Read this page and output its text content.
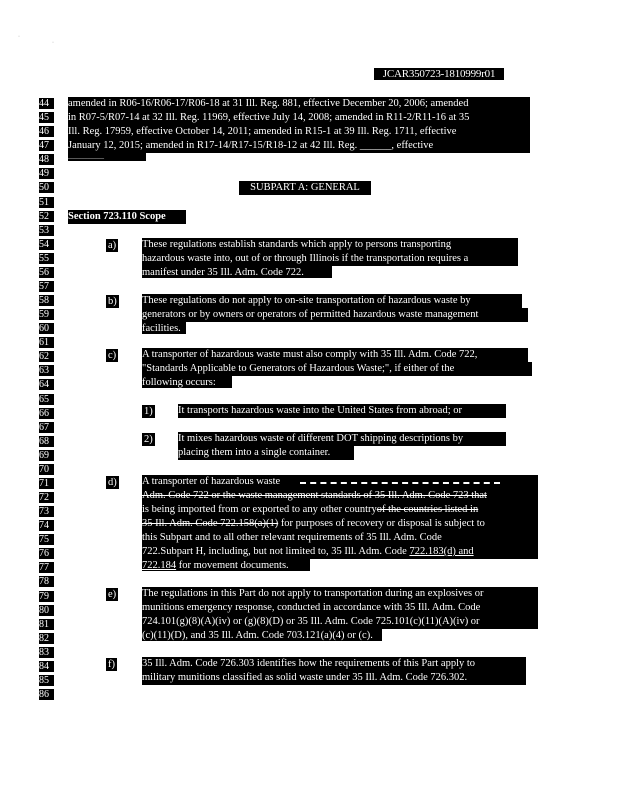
·
·
JCAR350723-1810999r01
44
45
46
47
48
49
50
51
52
53
54
55
56
57
58
59
60
61
62
63
64
65
66
67
68
69
70
71
72
73
74
75
76
77
78
79
80
81
82
83
84
85
86
amended in R06-16/R06-17/R06-18 at 31 Ill. Reg. 881, effective December 20, 2006; amended
in R07-5/R07-14 at 32 Ill. Reg. 11969, effective July 14, 2008; amended in R11-2/R11-16 at 35
Ill. Reg. 17959, effective October 14, 2011; amended in R15-1 at 39 Ill. Reg. 1711, effective
January 12, 2015; amended in R17-14/R17-15/R18-12 at 42 Ill. Reg. ______, effective
____________
SUBPART A: GENERAL
Section 723.110 Scope
a) These regulations establish standards which apply to persons transporting
hazardous waste into, out of or through Illinois if the transportation requires a
manifest under 35 Ill. Adm. Code 722.
b) These regulations do not apply to on-site transportation of hazardous waste by
generators or by owners or operators of permitted hazardous waste management
facilities.
c) A transporter of hazardous waste must also comply with 35 Ill. Adm. Code 722,
"Standards Applicable to Generators of Hazardous Waste;", if either of the
following occurs:
1) It transports hazardous waste into the United States from abroad; or
2) It mixes hazardous waste of different DOT shipping descriptions by
placing them into a single container.
d) A transporter of hazardous waste
Adm. Code 722 or the waste management standards of 35 Ill. Adm. Code 723 that
is being imported from or exported to any other countryof the countries listed in
35 Ill. Adm. Code 722.158(a)(1) for purposes of recovery or disposal is subject to
this Subpart and to all other relevant requirements of 35 Ill. Adm. Code
722.Subpart H, including, but not limited to, 35 Ill. Adm. Code 722.183(d) and
722.184 for movement documents.
e) The regulations in this Part do not apply to transportation during an explosives or
munitions emergency response, conducted in accordance with 35 Ill. Adm. Code
724.101(g)(8)(A)(iv) or (g)(8)(D) or 35 Ill. Adm. Code 725.101(c)(11)(A)(iv) or
(c)(11)(D), and 35 Ill. Adm. Code 703.121(a)(4) or (c).
f)	35 Ill. Adm. Code 726.303 identifies how the requirements of this Part apply to
military munitions classified as solid waste under 35 Ill. Adm. Code 726.302.
